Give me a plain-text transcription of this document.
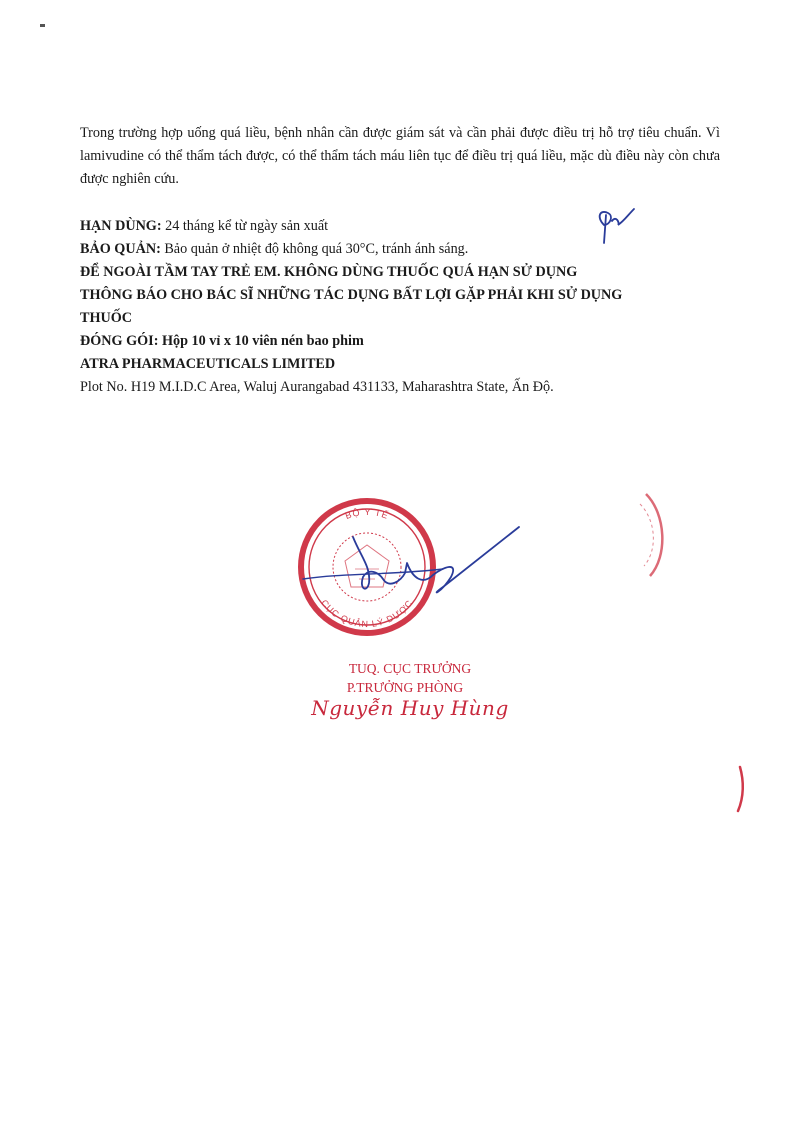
Trong trường hợp uống quá liều, bệnh nhân cần được giám sát và cần phải được điều trị hỗ trợ tiêu chuẩn. Vì lamivudine có thể thẩm tách được, có thể thẩm tách máu liên tục để điều trị quá liều, mặc dù điều này còn chưa được nghiên cứu.

HẠN DÙNG: 24 tháng kể từ ngày sản xuất

BẢO QUẢN: Bảo quản ở nhiệt độ không quá 30°C, tránh ánh sáng.

ĐỂ NGOÀI TẦM TAY TRẺ EM. KHÔNG DÙNG THUỐC QUÁ HẠN SỬ DỤNG

THÔNG BÁO CHO BÁC SĨ NHỮNG TÁC DỤNG BẤT LỢI GẶP PHẢI KHI SỬ DỤNG

THUỐC

ĐÓNG GÓI: Hộp 10 vỉ x 10 viên nén bao phim

ATRA PHARMACEUTICALS LIMITED

Plot No. H19 M.I.D.C Area, Waluj Aurangabad 431133, Maharashtra State, Ấn Độ.

BỘ Y TẾ
CỤC QUẢN LÝ DƯỢC
TUQ. CỤC TRƯỞNG
P.TRƯỞNG PHÒNG
Nguyễn Huy Hùng
